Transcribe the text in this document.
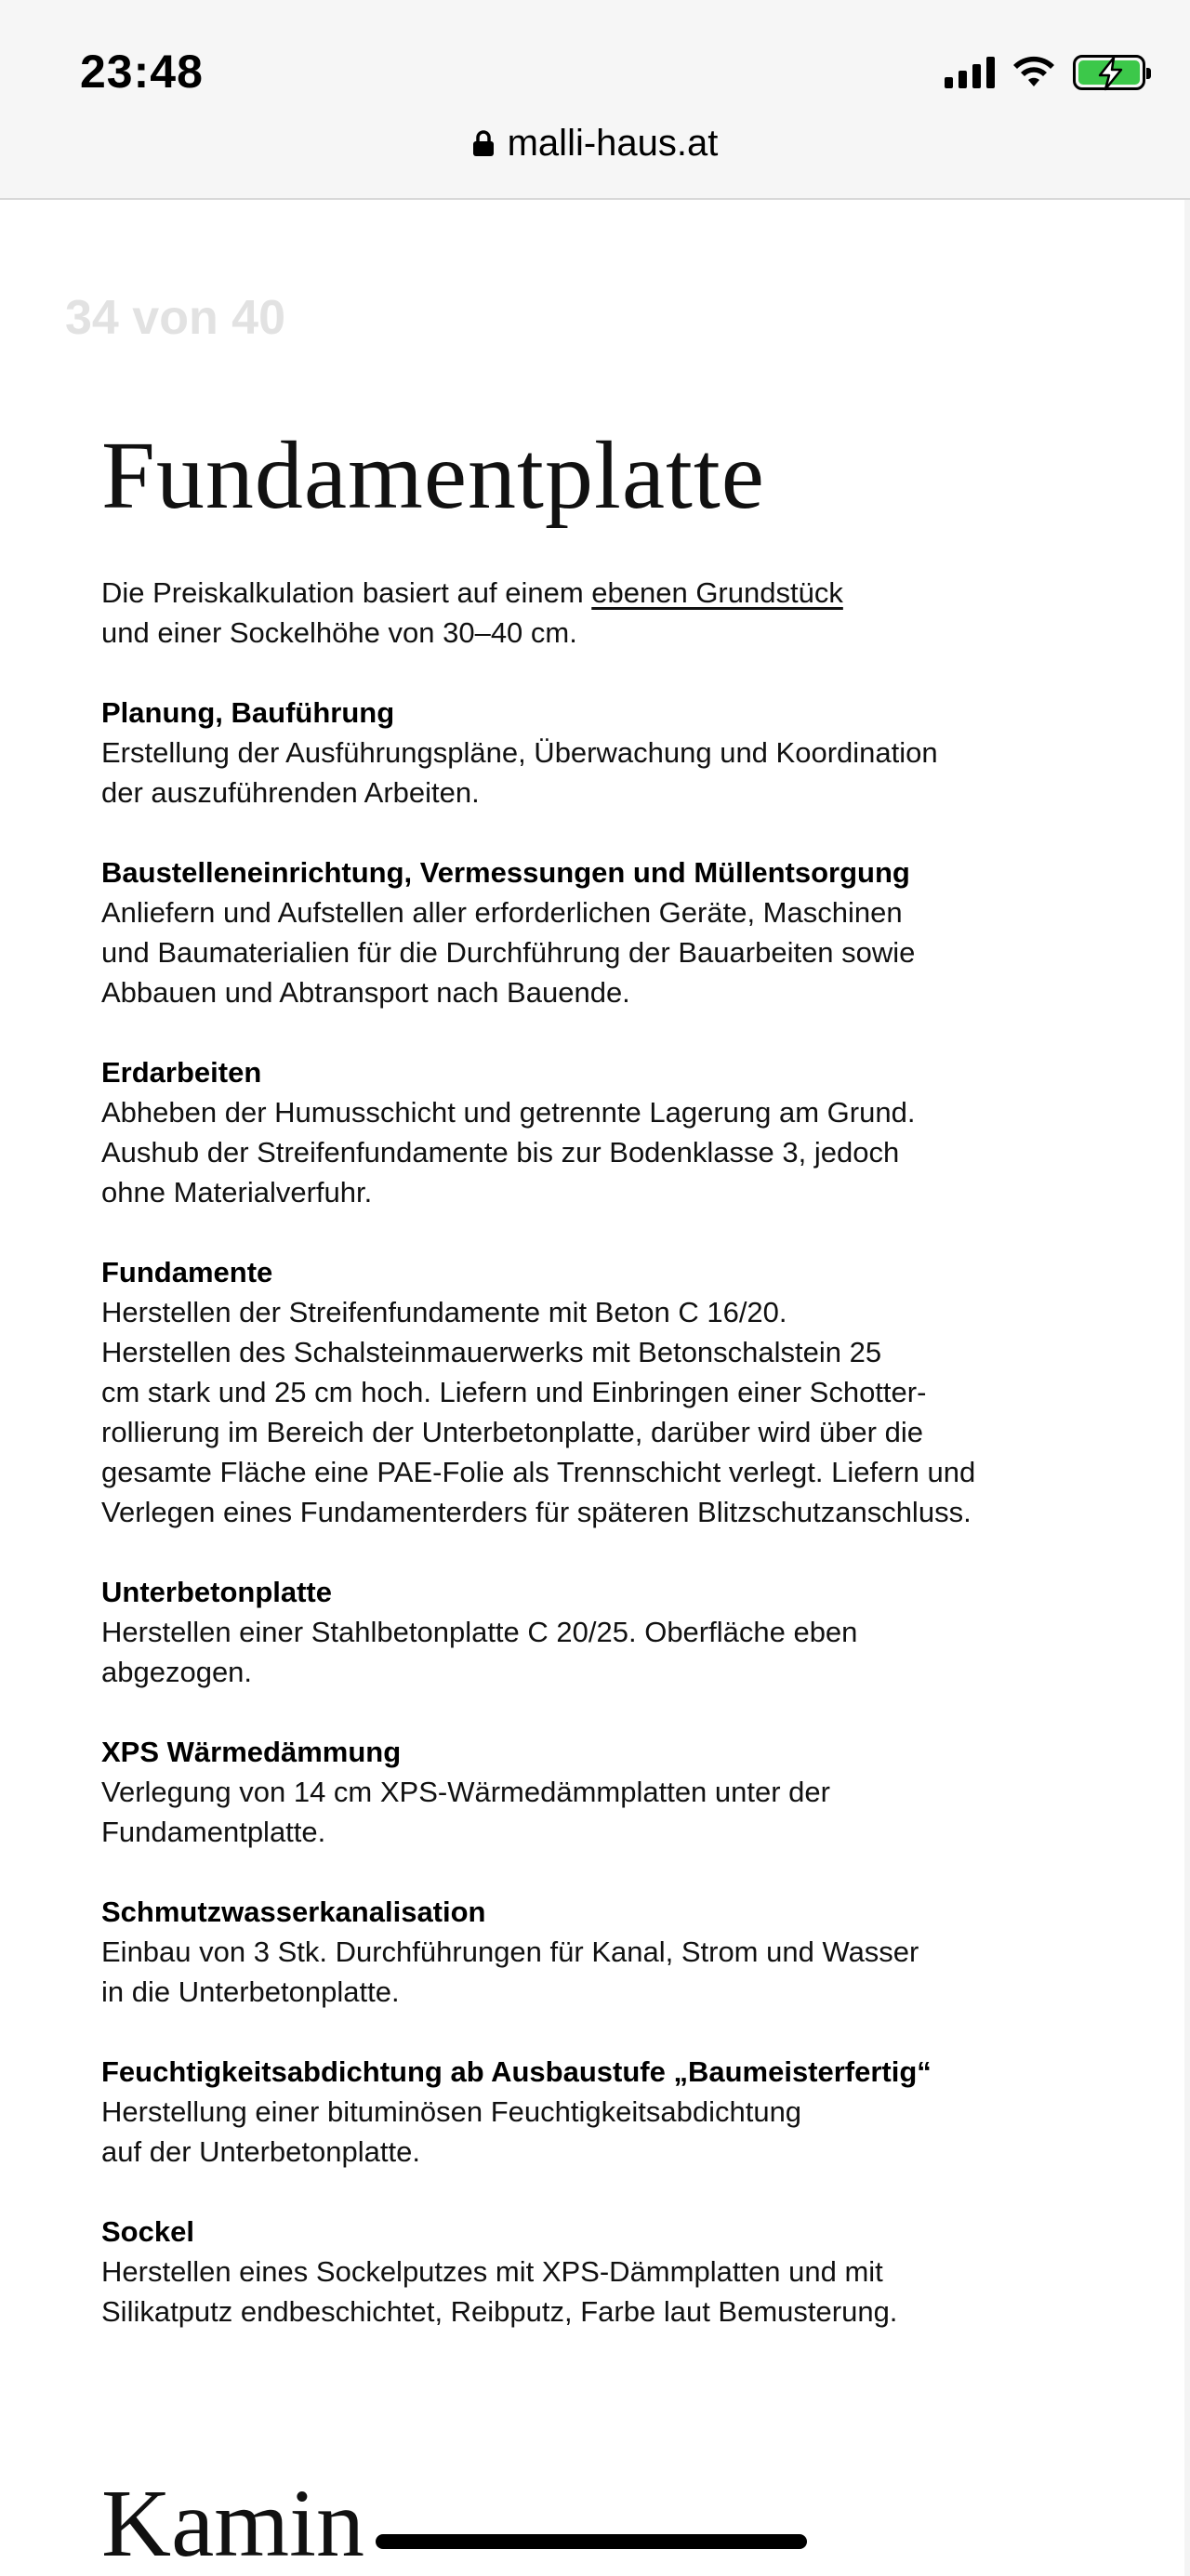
23:48
malli-haus.at
34 von 40
Fundamentplatte

Die Preiskalkulation basiert auf einem ebenen Grundstück
und einer Sockelhöhe von 30–40 cm.

Planung, Bauführung
Erstellung der Ausführungspläne, Überwachung und Koordination
der auszuführenden Arbeiten.
Baustelleneinrichtung, Vermessungen und Müllentsorgung
Anliefern und Aufstellen aller erforderlichen Geräte, Maschinen
und Baumaterialien für die Durchführung der Bauarbeiten sowie
Abbauen und Abtransport nach Bauende.
Erdarbeiten
Abheben der Humusschicht und getrennte Lagerung am Grund.
Aushub der Streifenfundamente bis zur Bodenklasse 3, jedoch
ohne Materialverfuhr.
Fundamente
Herstellen der Streifenfundamente mit Beton C 16/20.
Herstellen des Schalsteinmauerwerks mit Betonschalstein 25
cm stark und 25 cm hoch. Liefern und Einbringen einer Schotter-
rollierung im Bereich der Unterbetonplatte, darüber wird über die
gesamte Fläche eine PAE-Folie als Trennschicht verlegt. Liefern und
Verlegen eines Fundamenterders für späteren Blitzschutzanschluss.
Unterbetonplatte
Herstellen einer Stahlbetonplatte C 20/25. Oberfläche eben
abgezogen.
XPS Wärmedämmung
Verlegung von 14 cm XPS-Wärmedämmplatten unter der
Fundamentplatte.
Schmutzwasserkanalisation
Einbau von 3 Stk. Durchführungen für Kanal, Strom und Wasser
in die Unterbetonplatte.
Feuchtigkeitsabdichtung ab Ausbaustufe „Baumeisterfertig“
Herstellung einer bituminösen Feuchtigkeitsabdichtung
auf der Unterbetonplatte.
Sockel
Herstellen eines Sockelputzes mit XPS-Dämmplatten und mit
Silikatputz endbeschichtet, Reibputz, Farbe laut Bemusterung.
Kamin
